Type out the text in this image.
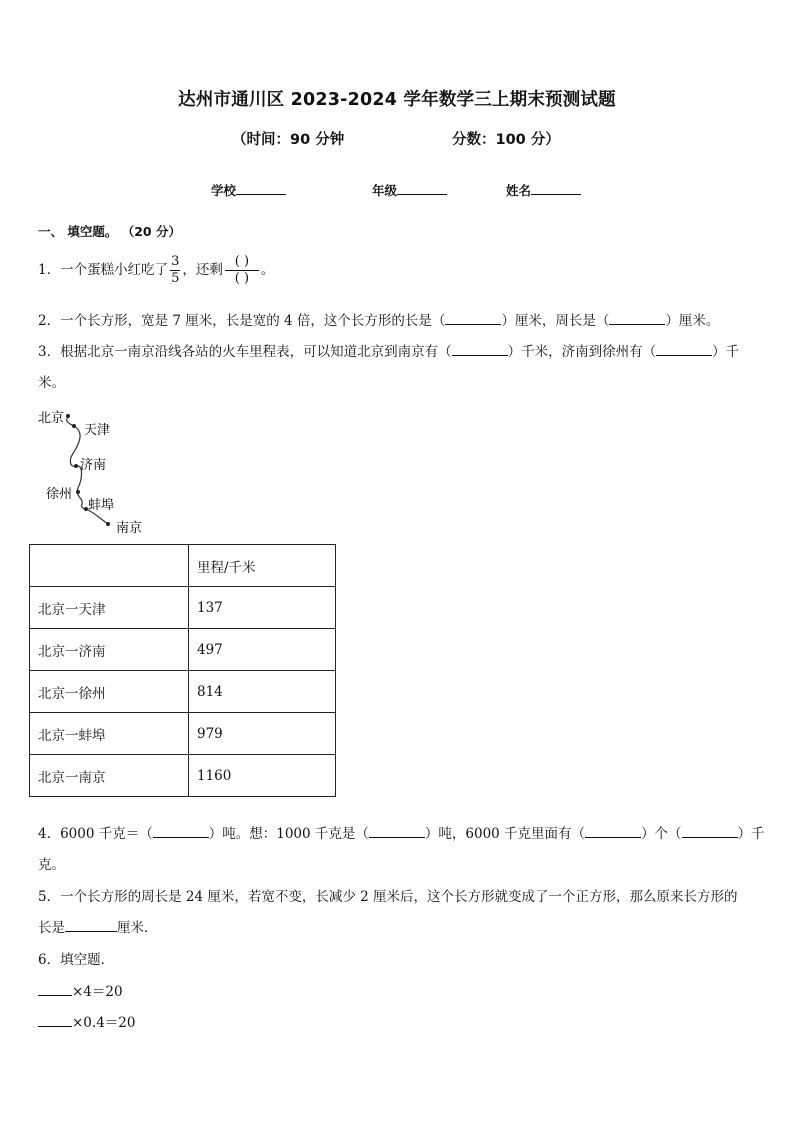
达州市通川区 2023-2024 学年数学三上期末预测试题
（时间：90 分钟	分数：100 分）
学校	年级	姓名
一、 填空题。 （20 分）
1．一个蛋糕小红吃了 $\frac{3}{5}$ ，还剩 $\frac{( )}{( )}$ 。
2．一个长方形，宽是 7 厘米，长是宽的 4 倍，这个长方形的长是（	）厘米，周长是（	）厘米。
3．根据北京一南京沿线各站的火车里程表，可以知道北京到南京有（	）千米，济南到徐州有（	）千
米。
北京
天津
济南
徐州
蚌埠
南京
	里程/千米
北京一天津	137
北京一济南	497
北京一徐州	814
北京一蚌埠	979
北京一南京	1160
4．6000 千克＝（	）吨。想：1000 千克是（	）吨，6000 千克里面有（	）个（	）千
克。
5．一个长方形的周长是 24 厘米，若宽不变，长减少 2 厘米后，这个长方形就变成了一个正方形，那么原来长方形的
长是	厘米．
6．填空题．
×4＝20
×0.4＝20
